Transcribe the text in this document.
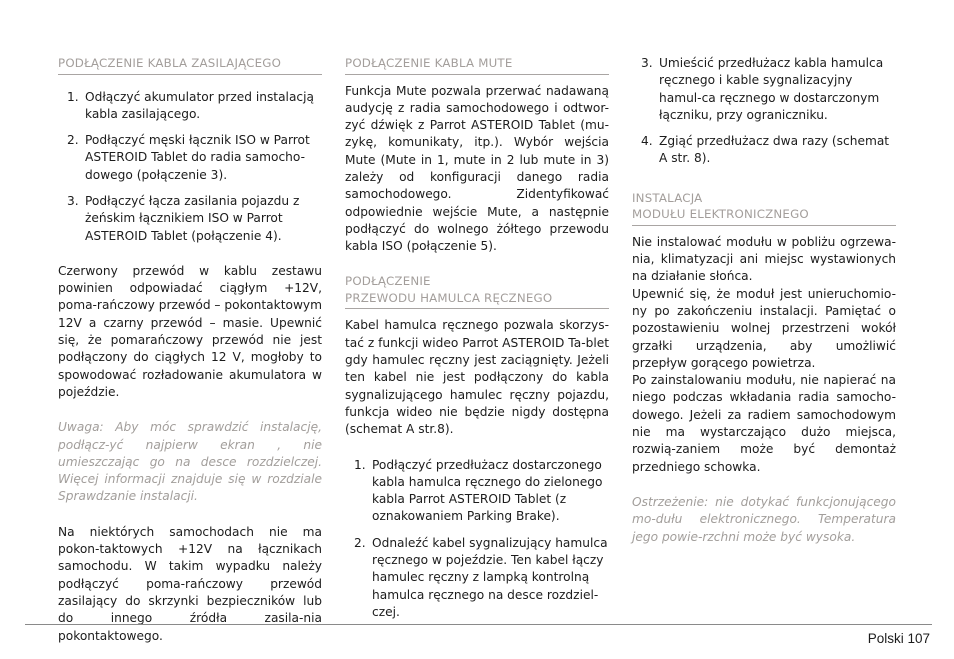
PODŁĄCZENIE KABLA ZASILAJĄCEGO
1. Odłączyć akumulator przed instalacją kabla zasilającego.
2. Podłączyć męski łącznik ISO w Parrot ASTEROID Tablet do radia samocho-dowego (połączenie 3).
3. Podłączyć łącza zasilania pojazdu z żeńskim łącznikiem ISO w Parrot ASTEROID Tablet (połączenie 4).

Czerwony przewód w kablu zestawu powinien odpowiadać ciągłym +12V, poma-rańczowy przewód – pokontaktowym 12V a czarny przewód – masie. Upewnić się, że pomarańczowy przewód nie jest podłączony do ciągłych 12 V, mogłoby to spowodować rozładowanie akumulatora w pojeździe.

Uwaga: Aby móc sprawdzić instalację, podłącz-yć najpierw ekran , nie umieszczając go na desce rozdzielczej. Więcej informacji znajduje się w rozdziale Sprawdzanie instalacji.

Na niektórych samochodach nie ma pokon-taktowych +12V na łącznikach samochodu. W takim wypadku należy podłączyć poma-rańczowy przewód zasilający do skrzynki bezpieczników lub do innego źródła zasila-nia pokontaktowego.

PODŁĄCZENIE KABLA MUTE

Funkcja Mute pozwala przerwać nadawaną audycję z radia samochodowego i odtwor-zyć dźwięk z Parrot ASTEROID Tablet (mu-zykę, komunikaty, itp.). Wybór wejścia Mute (Mute in 1, mute in 2 lub mute in 3) zależy od konfiguracji danego radia samochodowego. Zidentyfikować odpowiednie wejście Mute, a następnie podłączyć do wolnego żółtego przewodu kabla ISO (połączenie 5).

PODŁĄCZENIE
PRZEWODU HAMULCA RĘCZNEGO

Kabel hamulca ręcznego pozwala skorzys-tać z funkcji wideo Parrot ASTEROID Ta-blet gdy hamulec ręczny jest zaciągnięty. Jeżeli ten kabel nie jest podłączony do kabla sygnalizującego hamulec ręczny pojazdu, funkcja wideo nie będzie nigdy dostępna (schemat A str.8).

1. Podłączyć przedłużacz dostarczonego kabla hamulca ręcznego do zielonego kabla Parrot ASTEROID Tablet (z oznakowaniem Parking Brake).
2. Odnaleźć kabel sygnalizujący hamulca ręcznego w pojeździe. Ten kabel łączy hamulec ręczny z lampką kontrolną hamulca ręcznego na desce rozdziel-czej.
3. Umieścić przedłużacz kabla hamulca ręcznego i kable sygnalizacyjny hamul-ca ręcznego w dostarczonym łączniku, przy ograniczniku.
4. Zgiąć przedłużacz dwa razy (schemat A str. 8).
INSTALACJA
MODUŁU ELEKTRONICZNEGO

Nie instalować modułu w pobliżu ogrzewa-nia, klimatyzacji ani miejsc wystawionych na działanie słońca.

Upewnić się, że moduł jest unieruchomio-ny po zakończeniu instalacji. Pamiętać o pozostawieniu wolnej przestrzeni wokół grzałki urządzenia, aby umożliwić przepływ gorącego powietrza.

Po zainstalowaniu modułu, nie napierać na niego podczas wkładania radia samocho-dowego. Jeżeli za radiem samochodowym nie ma wystarczająco dużo miejsca, rozwią-zaniem może być demontaż przedniego schowka.

Ostrzeżenie: nie dotykać funkcjonującego mo-dułu elektronicznego. Temperatura jego powie-rzchni może być wysoka.

Polski 107
